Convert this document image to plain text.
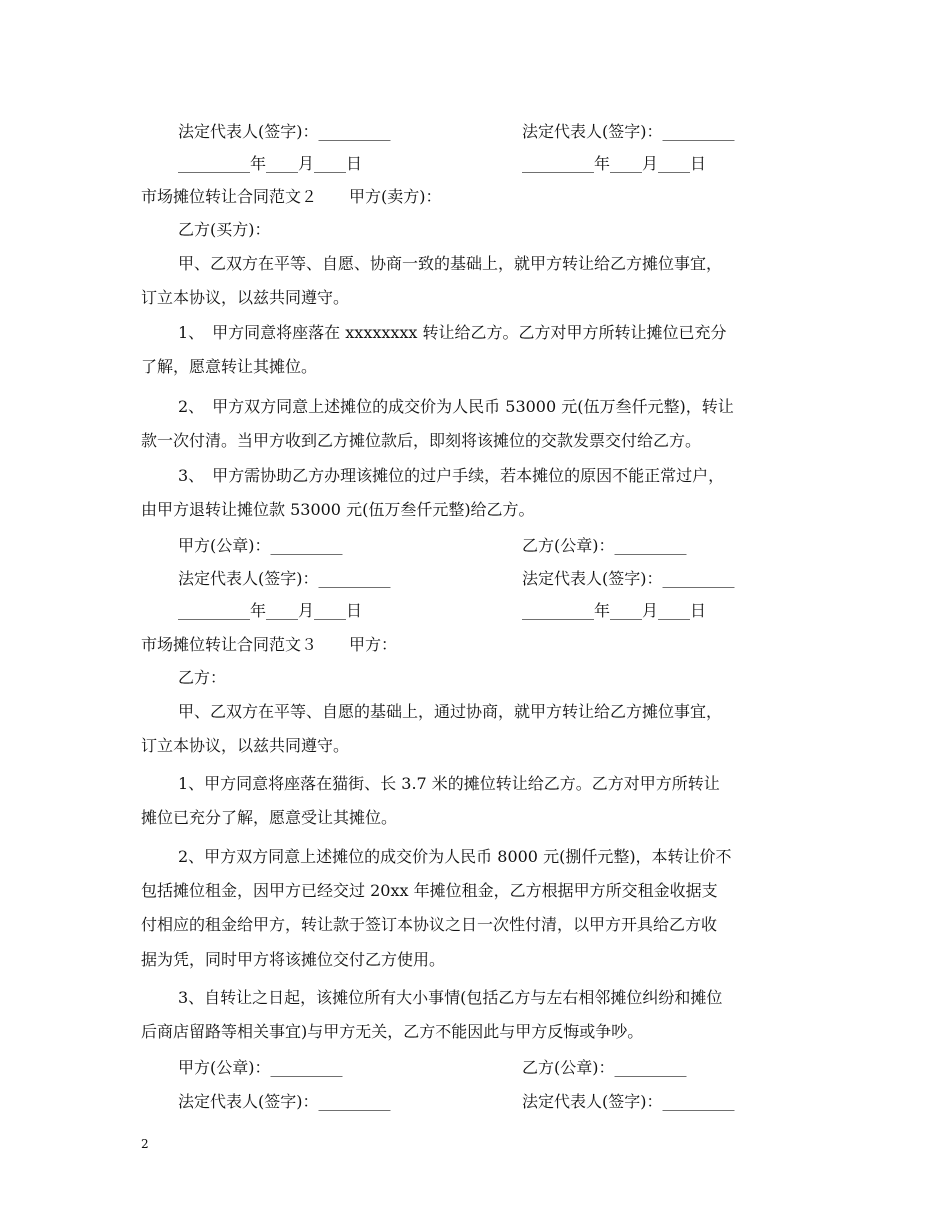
法定代表人(签字)：_________	法定代表人(签字)：_________
_________年____月____日	_________年____月____日
市场摊位转让合同范文２　　甲方(卖方)：
乙方(买方)：
甲、乙双方在平等、自愿、协商一致的基础上，就甲方转让给乙方摊位事宜，
订立本协议，以兹共同遵守。
1、　甲方同意将座落在 xxxxxxxx 转让给乙方。乙方对甲方所转让摊位已充分
了解，愿意转让其摊位。
2、　甲方双方同意上述摊位的成交价为人民币 53000 元(伍万叁仟元整)，转让
款一次付清。当甲方收到乙方摊位款后，即刻将该摊位的交款发票交付给乙方。
3、　甲方需协助乙方办理该摊位的过户手续，若本摊位的原因不能正常过户，
由甲方退转让摊位款 53000 元(伍万叁仟元整)给乙方。
甲方(公章)：_________	乙方(公章)：_________
法定代表人(签字)：_________	法定代表人(签字)：_________
_________年____月____日	_________年____月____日
市场摊位转让合同范文３　　甲方：
乙方：
甲、乙双方在平等、自愿的基础上，通过协商，就甲方转让给乙方摊位事宜，
订立本协议，以兹共同遵守。
1、甲方同意将座落在猫街、长 3.7 米的摊位转让给乙方。乙方对甲方所转让
摊位已充分了解，愿意受让其摊位。
2、甲方双方同意上述摊位的成交价为人民币 8000 元(捌仟元整)，本转让价不
包括摊位租金，因甲方已经交过 20xx 年摊位租金，乙方根据甲方所交租金收据支
付相应的租金给甲方，转让款于签订本协议之日一次性付清，以甲方开具给乙方收
据为凭，同时甲方将该摊位交付乙方使用。
3、自转让之日起，该摊位所有大小事情(包括乙方与左右相邻摊位纠纷和摊位
后商店留路等相关事宜)与甲方无关，乙方不能因此与甲方反悔或争吵。
甲方(公章)：_________	乙方(公章)：_________
法定代表人(签字)：_________	法定代表人(签字)：_________
2
